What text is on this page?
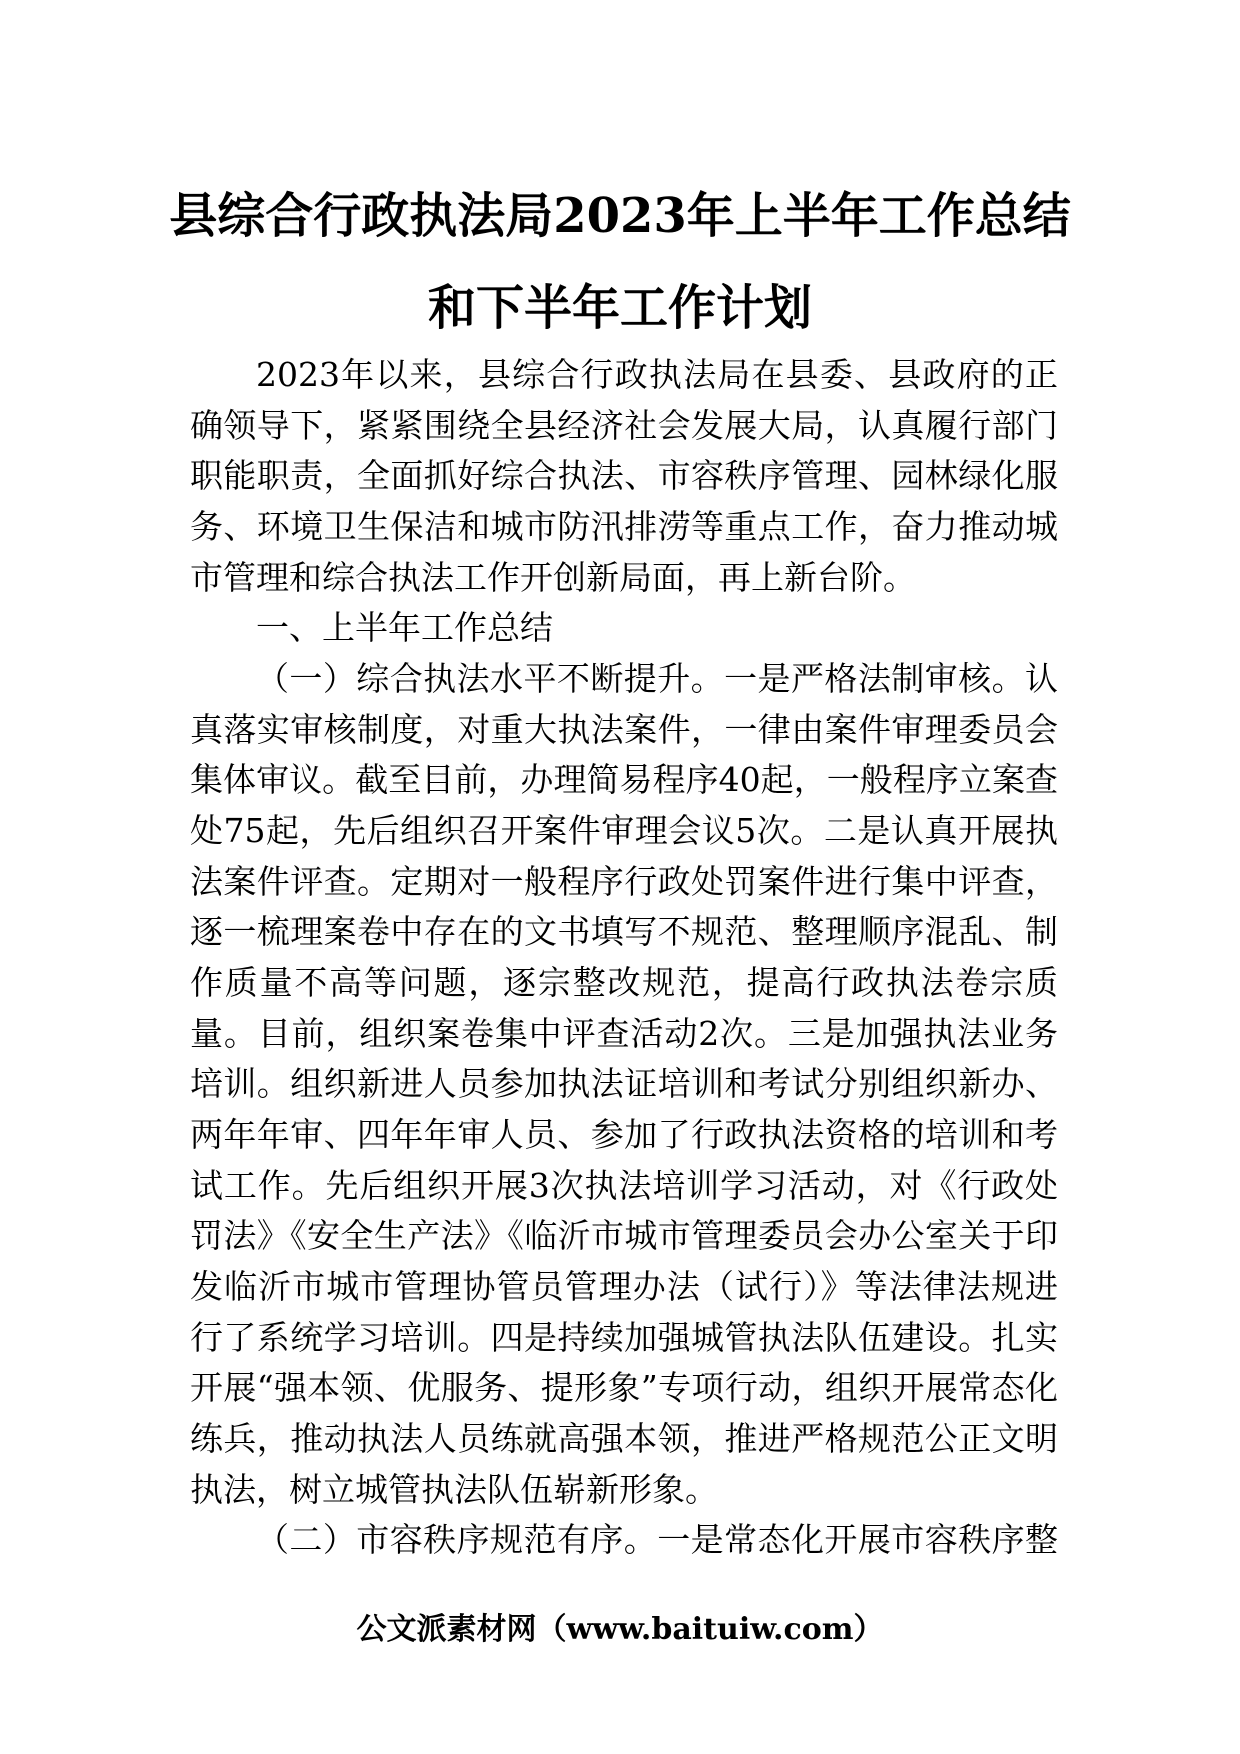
县综合行政执法局2023年上半年工作总结
和下半年工作计划

2023年以来，县综合行政执法局在县委、县政府的正确领导下，紧紧围绕全县经济社会发展大局，认真履行部门职能职责，全面抓好综合执法、市容秩序管理、园林绿化服务、环境卫生保洁和城市防汛排涝等重点工作，奋力推动城市管理和综合执法工作开创新局面，再上新台阶。

一、上半年工作总结

（一）综合执法水平不断提升。一是严格法制审核。认真落实审核制度，对重大执法案件，一律由案件审理委员会集体审议。截至目前，办理简易程序40起，一般程序立案查处75起，先后组织召开案件审理会议5次。二是认真开展执法案件评查。定期对一般程序行政处罚案件进行集中评查，逐一梳理案卷中存在的文书填写不规范、整理顺序混乱、制作质量不高等问题，逐宗整改规范，提高行政执法卷宗质量。目前，组织案卷集中评查活动2次。三是加强执法业务培训。组织新进人员参加执法证培训和考试分别组织新办、两年年审、四年年审人员、参加了行政执法资格的培训和考试工作。先后组织开展3次执法培训学习活动，对《行政处罚法》《安全生产法》《临沂市城市管理委员会办公室关于印发临沂市城市管理协管员管理办法（试行）》等法律法规进行了系统学习培训。四是持续加强城管执法队伍建设。扎实开展“强本领、优服务、提形象”专项行动，组织开展常态化练兵，推动执法人员练就高强本领，推进严格规范公正文明执法，树立城管执法队伍崭新形象。

（二）市容秩序规范有序。一是常态化开展市容秩序整

公文派素材网（www.baituiw.com）
